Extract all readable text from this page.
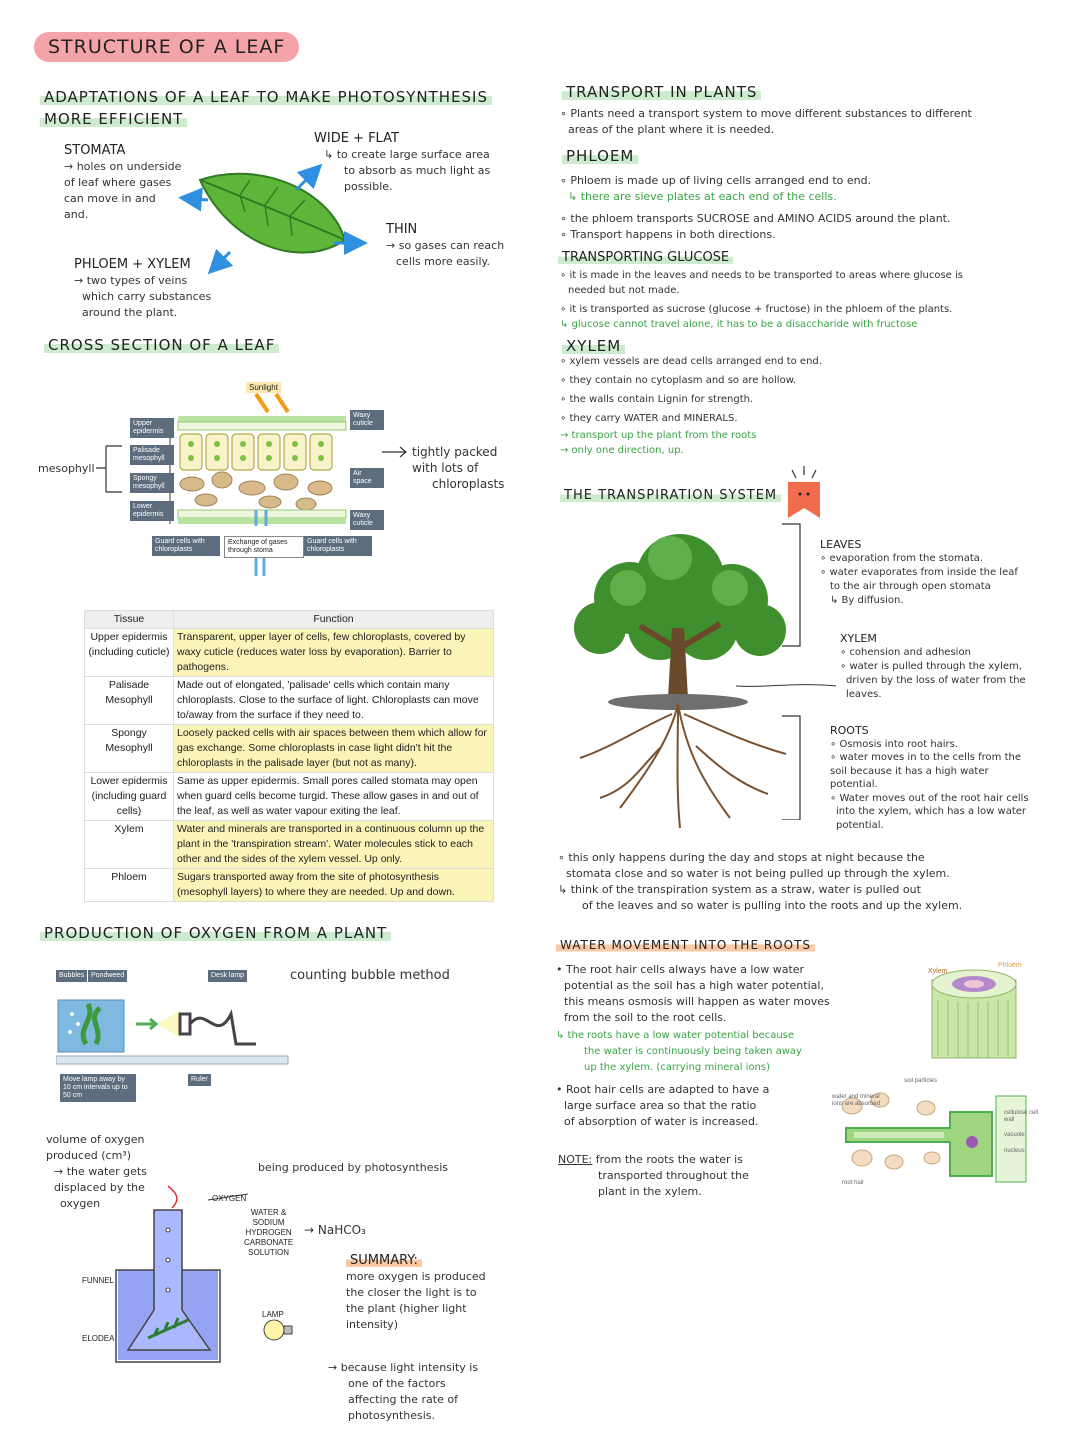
STRUCTURE OF A LEAF
ADAPTATIONS OF A LEAF TO MAKE PHOTOSYNTHESIS
MORE EFFICIENT
STOMATA
→ holes on underside
of leaf where gases
can move in and
and.
WIDE + FLAT
↳ to create large surface area
to absorb as much light as
possible.
THIN
→ so gases can reach
cells more easily.
PHLOEM + XYLEM
→ two types of veins
which carry substances
around the plant.
CROSS SECTION OF A LEAF
Sunlight
Upper epidermis
Palisade mesophyll
Spongy mesophyll
Lower epidermis
Waxy cuticle
Air space
Waxy cuticle
Guard cells with chloroplasts
Exchange of gases through stoma
Guard cells with chloroplasts
mesophyll
tightly packed
with lots of
chloroplasts
Tissue	Function
Upper epidermis (including cuticle)	Transparent, upper layer of cells, few chloroplasts, covered by waxy cuticle (reduces water loss by evaporation). Barrier to pathogens.
Palisade Mesophyll	Made out of elongated, 'palisade' cells which contain many chloroplasts. Close to the surface of light. Chloroplasts can move to/away from the surface if they need to.
Spongy Mesophyll	Loosely packed cells with air spaces between them which allow for gas exchange. Some chloroplasts in case light didn't hit the chloroplasts in the palisade layer (but not as many).
Lower epidermis (including guard cells)	Same as upper epidermis. Small pores called stomata may open when guard cells become turgid. These allow gases in and out of the leaf, as well as water vapour exiting the leaf.
Xylem	Water and minerals are transported in a continuous column up the plant in the 'transpiration stream'. Water molecules stick to each other and the sides of the xylem vessel. Up only.
Phloem	Sugars transported away from the site of photosynthesis (mesophyll layers) to where they are needed. Up and down.
PRODUCTION OF OXYGEN FROM A PLANT
Bubbles Pondweed	Desk lamp
Move lamp away by 10 cm intervals up to 50 cm
Ruler
counting bubble method
volume of oxygen
produced (cm³)
→ the water gets
displaced by the
oxygen
being produced by photosynthesis
OXYGEN
WATER &
SODIUM
HYDROGEN
CARBONATE
SOLUTION
→ NaHCO₃
FUNNEL
ELODEA
LAMP
SUMMARY:
more oxygen is produced
the closer the light is to
the plant (higher light
intensity)
→ because light intensity is
one of the factors
affecting the rate of
photosynthesis.
TRANSPORT IN PLANTS
∘ Plants need a transport system to move different substances to different
areas of the plant where it is needed.
PHLOEM
∘ Phloem is made up of living cells arranged end to end.
↳ there are sieve plates at each end of the cells.
∘ the phloem transports SUCROSE and AMINO ACIDS around the plant.
∘ Transport happens in both directions.
TRANSPORTING GLUCOSE
∘ it is made in the leaves and needs to be transported to areas where glucose is
needed but not made.
∘ it is transported as sucrose (glucose + fructose) in the phloem of the plants.
↳ glucose cannot travel alone, it has to be a disaccharide with fructose
XYLEM
∘ xylem vessels are dead cells arranged end to end.
∘ they contain no cytoplasm and so are hollow.
∘ the walls contain Lignin for strength.
∘ they carry WATER and MINERALS.
→ transport up the plant from the roots
→ only one direction, up.
THE TRANSPIRATION SYSTEM
LEAVES
∘ evaporation from the stomata.
∘ water evaporates from inside the leaf
to the air through open stomata
↳ By diffusion.
XYLEM
∘ cohension and adhesion
∘ water is pulled through the xylem,
driven by the loss of water from the
leaves.
ROOTS
∘ Osmosis into root hairs.
∘ water moves in to the cells from the
soil because it has a high water
potential.
∘ Water moves out of the root hair cells
into the xylem, which has a low water
potential.
∘ this only happens during the day and stops at night because the
stomata close and so water is not being pulled up through the xylem.
↳ think of the transpiration system as a straw, water is pulled out
of the leaves and so water is pulling into the roots and up the xylem.
WATER MOVEMENT INTO THE ROOTS
• The root hair cells always have a low water
potential as the soil has a high water potential,
this means osmosis will happen as water moves
from the soil to the root cells.
↳ the roots have a low water potential because
the water is continuously being taken away
up the xylem. (carrying mineral ions)
• Root hair cells are adapted to have a
large surface area so that the ratio
of absorption of water is increased.
NOTE: from the roots the water is
transported throughout the
plant in the xylem.
Xylem
Phloem
soil particles
water and mineral ions are absorbed
cellulose cell wall
vacuole
nucleus
root hair
